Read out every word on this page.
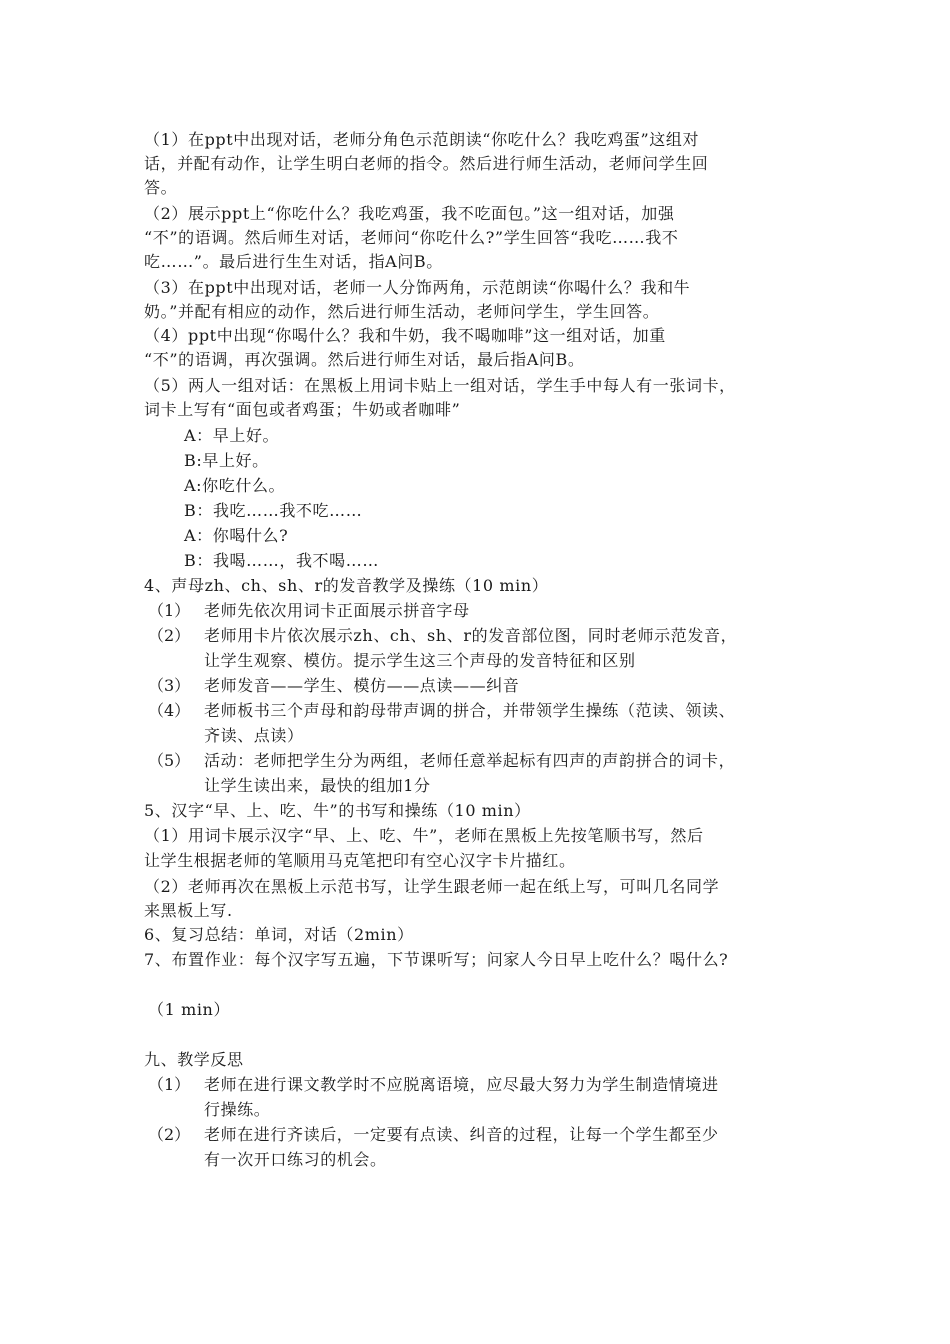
（1）在ppt中出现对话，老师分角色示范朗读“你吃什么？我吃鸡蛋”这组对
话，并配有动作，让学生明白老师的指令。然后进行师生活动，老师问学生回
答。
（2）展示ppt上“你吃什么？我吃鸡蛋，我不吃面包。”这一组对话，加强
“不”的语调。然后师生对话，老师问“你吃什么?”学生回答“我吃……我不
吃……”。最后进行生生对话，指A问B。
（3）在ppt中出现对话，老师一人分饰两角，示范朗读“你喝什么？我和牛
奶。”并配有相应的动作，然后进行师生活动，老师问学生，学生回答。
（4）ppt中出现“你喝什么？我和牛奶，我不喝咖啡”这一组对话，加重
“不”的语调，再次强调。然后进行师生对话，最后指A问B。
（5）两人一组对话：在黑板上用词卡贴上一组对话，学生手中每人有一张词卡，
词卡上写有“面包或者鸡蛋；牛奶或者咖啡”
A：早上好。
B:早上好。
A:你吃什么。
B：我吃……我不吃……
A：你喝什么?
B：我喝……，我不喝……
4、声母zh、ch、sh、r的发音教学及操练（10 min）
（1） 老师先依次用词卡正面展示拼音字母
（2） 老师用卡片依次展示zh、ch、sh、r的发音部位图，同时老师示范发音，
让学生观察、模仿。提示学生这三个声母的发音特征和区别
（3） 老师发音——学生、模仿——点读——纠音
（4） 老师板书三个声母和韵母带声调的拼合，并带领学生操练（范读、领读、
齐读、点读）
（5） 活动：老师把学生分为两组，老师任意举起标有四声的声韵拼合的词卡，
让学生读出来，最快的组加1分
5、汉字“早、上、吃、牛”的书写和操练（10 min）
（1）用词卡展示汉字“早、上、吃、牛”，老师在黑板上先按笔顺书写，然后
让学生根据老师的笔顺用马克笔把印有空心汉字卡片描红。
（2）老师再次在黑板上示范书写，让学生跟老师一起在纸上写，可叫几名同学
来黑板上写.
6、复习总结：单词，对话（2min）
7、布置作业：每个汉字写五遍，下节课听写；问家人今日早上吃什么？喝什么?
（1 min）
九、教学反思
（1） 老师在进行课文教学时不应脱离语境，应尽最大努力为学生制造情境进
行操练。
（2） 老师在进行齐读后，一定要有点读、纠音的过程，让每一个学生都至少
有一次开口练习的机会。
